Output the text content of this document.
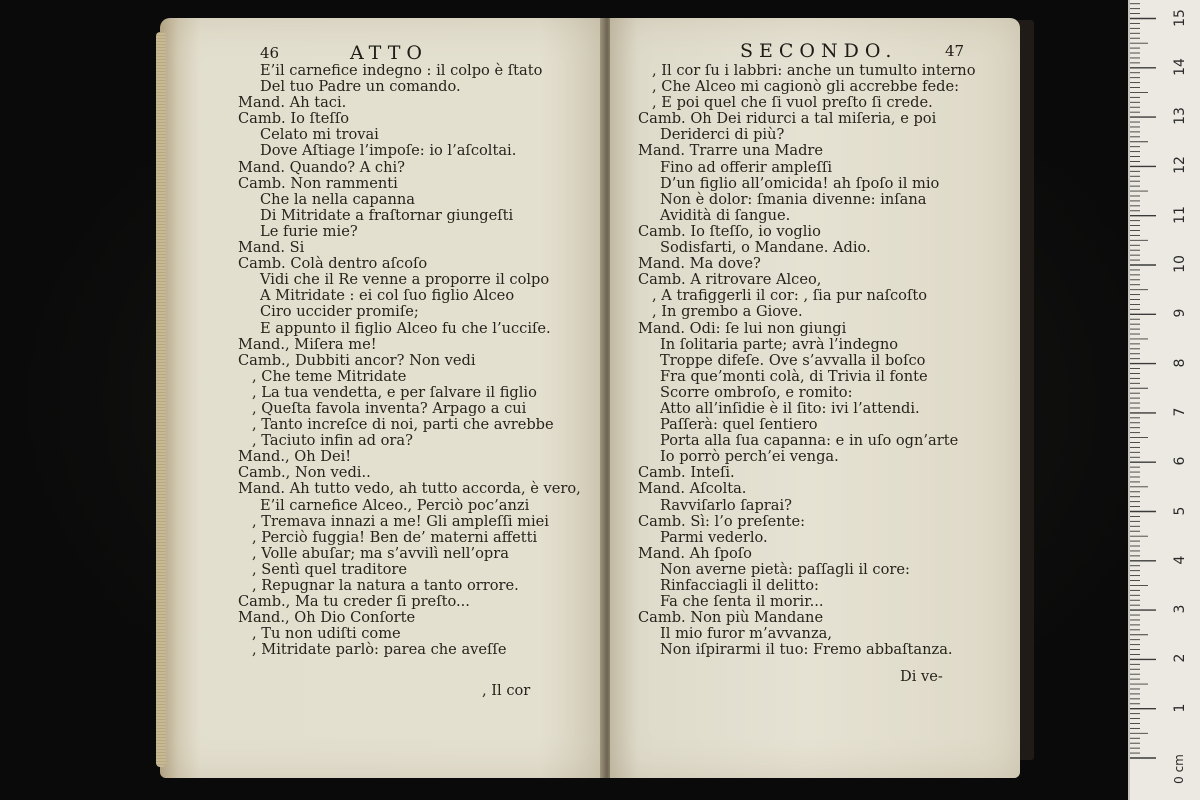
46	ATTO
E’il carnefice indegno : il colpo è ſtato
Del tuo Padre un comando.
Mand. Ah taci.
Camb. Io ſteſſo
Celato mi trovai
Dove Aſtiage l’impoſe: io l’aſcoltai.
Mand. Quando? A chi?
Camb. Non rammenti
Che la nella capanna
Di Mitridate a fraſtornar giungeſti
Le furie mie?
Mand. Si
Camb. Colà dentro aſcoſo
Vidi che il Re venne a proporre il colpo
A Mitridate : ei col ſuo figlio Alceo
Ciro uccider promiſe;
E appunto il figlio Alceo fu che l’ucciſe.
Mand., Miſera me!
Camb., Dubbiti ancor? Non vedi
, Che teme Mitridate
, La tua vendetta, e per ſalvare il figlio
, Queſta favola inventa? Arpago a cui
, Tanto increſce di noi, parti che avrebbe
, Taciuto infin ad ora?
Mand., Oh Dei!
Camb., Non vedi..
Mand. Ah tutto vedo, ah tutto accorda, è vero,
E’il carnefice Alceo., Perciò poc’anzi
, Tremava innazi a me! Gli ampleſſi miei
, Perciò fuggia! Ben de’ materni affetti
, Volle abuſar; ma s’avvilì nell’opra
, Sentì quel traditore
, Repugnar la natura a tanto orrore.
Camb., Ma tu creder ſi preſto...
Mand., Oh Dio Conſorte
, Tu non udiſti come
, Mitridate parlò: parea che aveſſe
, Il cor
SECONDO.	47
, Il cor ſu i labbri: anche un tumulto interno
, Che Alceo mi cagionò gli accrebbe fede:
, E poi quel che ſi vuol preſto ſi crede.
Camb. Oh Dei ridurci a tal miſeria, e poi
Deriderci di più?
Mand. Trarre una Madre
Fino ad offerir ampleſſi
D’un figlio all’omicida! ah ſpoſo il mio
Non è dolor: ſmania divenne: inſana
Avidità di ſangue.
Camb. Io ſteſſo, io voglio
Sodisfarti, o Mandane. Adio.
Mand. Ma dove?
Camb. A ritrovare Alceo,
, A trafiggerli il cor: , ſia pur naſcoſto
, In grembo a Giove.
Mand. Odi: ſe lui non giungi
In ſolitaria parte; avrà l’indegno
Troppe difeſe. Ove s’avvalla il boſco
Fra que’monti colà, di Trivia il fonte
Scorre ombroſo, e romito:
Atto all’inſidie è il ſito: ivi l’attendi.
Paſſerà: quel ſentiero
Porta alla ſua capanna: e in uſo ogn’arte
Io porrò perch’ei venga.
Camb. Inteſi.
Mand. Aſcolta.
Ravviſarlo ſaprai?
Camb. Sì: l’o preſente:
Parmi vederlo.
Mand. Ah ſpoſo
Non averne pietà: paſſagli il core:
Rinfacciagli il delitto:
Fa che ſenta il morir...
Camb. Non più Mandane
Il mio furor m’avvanza,
Non iſpirarmi il tuo: Fremo abbaſtanza.
Di ve-
1
2
3
4
5
6
7
8
9
10
11
12
13
14
15
0 cm
